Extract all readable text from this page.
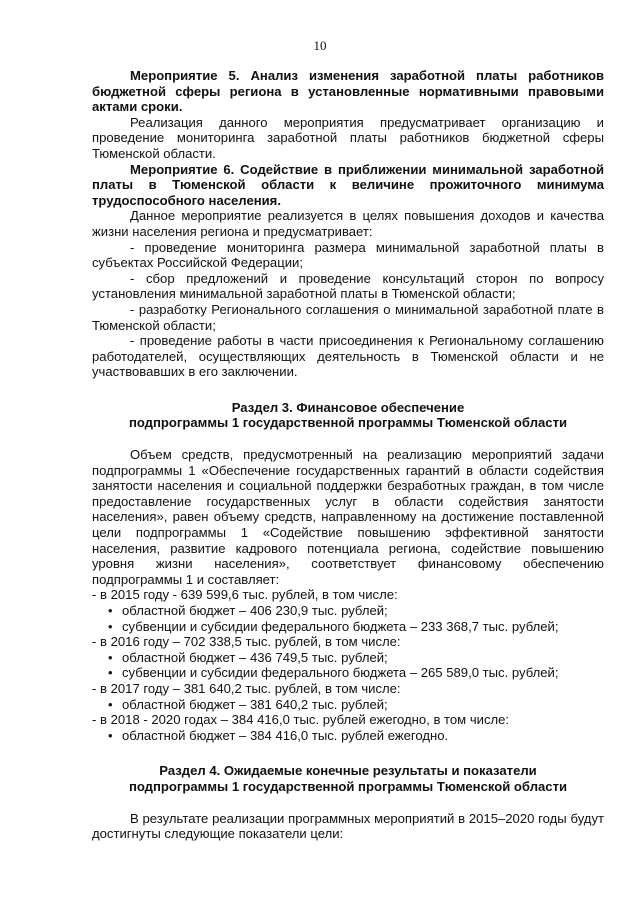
10

Мероприятие 5. Анализ изменения заработной платы работников бюджетной сферы региона в установленные нормативными правовыми актами сроки.

Реализация данного мероприятия предусматривает организацию и проведение мониторинга заработной платы работников бюджетной сферы Тюменской области.

Мероприятие 6. Содействие в приближении минимальной заработной платы в Тюменской области к величине прожиточного минимума трудоспособного населения.

Данное мероприятие реализуется в целях повышения доходов и качества жизни населения региона и предусматривает:

- проведение мониторинга размера минимальной заработной платы в субъектах Российской Федерации;

- сбор предложений и проведение консультаций сторон по вопросу установления минимальной заработной платы в Тюменской области;

- разработку Регионального соглашения о минимальной заработной плате в Тюменской области;

- проведение работы в части присоединения к Региональному соглашению работодателей, осуществляющих деятельность в Тюменской области и не участвовавших в его заключении.

Раздел 3. Финансовое обеспечение

подпрограммы 1 государственной программы Тюменской области

Объем средств, предусмотренный на реализацию мероприятий задачи подпрограммы 1 «Обеспечение государственных гарантий в области содействия занятости населения и социальной поддержки безработных граждан, в том числе предоставление государственных услуг в области содействия занятости населения», равен объему средств, направленному на достижение поставленной цели подпрограммы 1 «Содействие повышению эффективной занятости населения, развитие кадрового потенциала региона, содействие повышению уровня жизни населения», соответствует финансовому обеспечению подпрограммы 1 и составляет:

- в 2015 году - 639 599,6 тыс. рублей, в том числе:

• областной бюджет – 406 230,9 тыс. рублей;
• субвенции и субсидии федерального бюджета – 233 368,7 тыс. рублей;

- в 2016 году – 702 338,5 тыс. рублей, в том числе:

• областной бюджет – 436 749,5 тыс. рублей;
• субвенции и субсидии федерального бюджета – 265 589,0 тыс. рублей;

- в 2017 году – 381 640,2 тыс. рублей, в том числе:

• областной бюджет – 381 640,2 тыс. рублей;

- в 2018 - 2020 годах – 384 416,0 тыс. рублей ежегодно, в том числе:

• областной бюджет – 384 416,0 тыс. рублей ежегодно.

Раздел 4. Ожидаемые конечные результаты и показатели

подпрограммы 1 государственной программы Тюменской области

В результате реализации программных мероприятий в 2015–2020 годы будут достигнуты следующие показатели цели:
